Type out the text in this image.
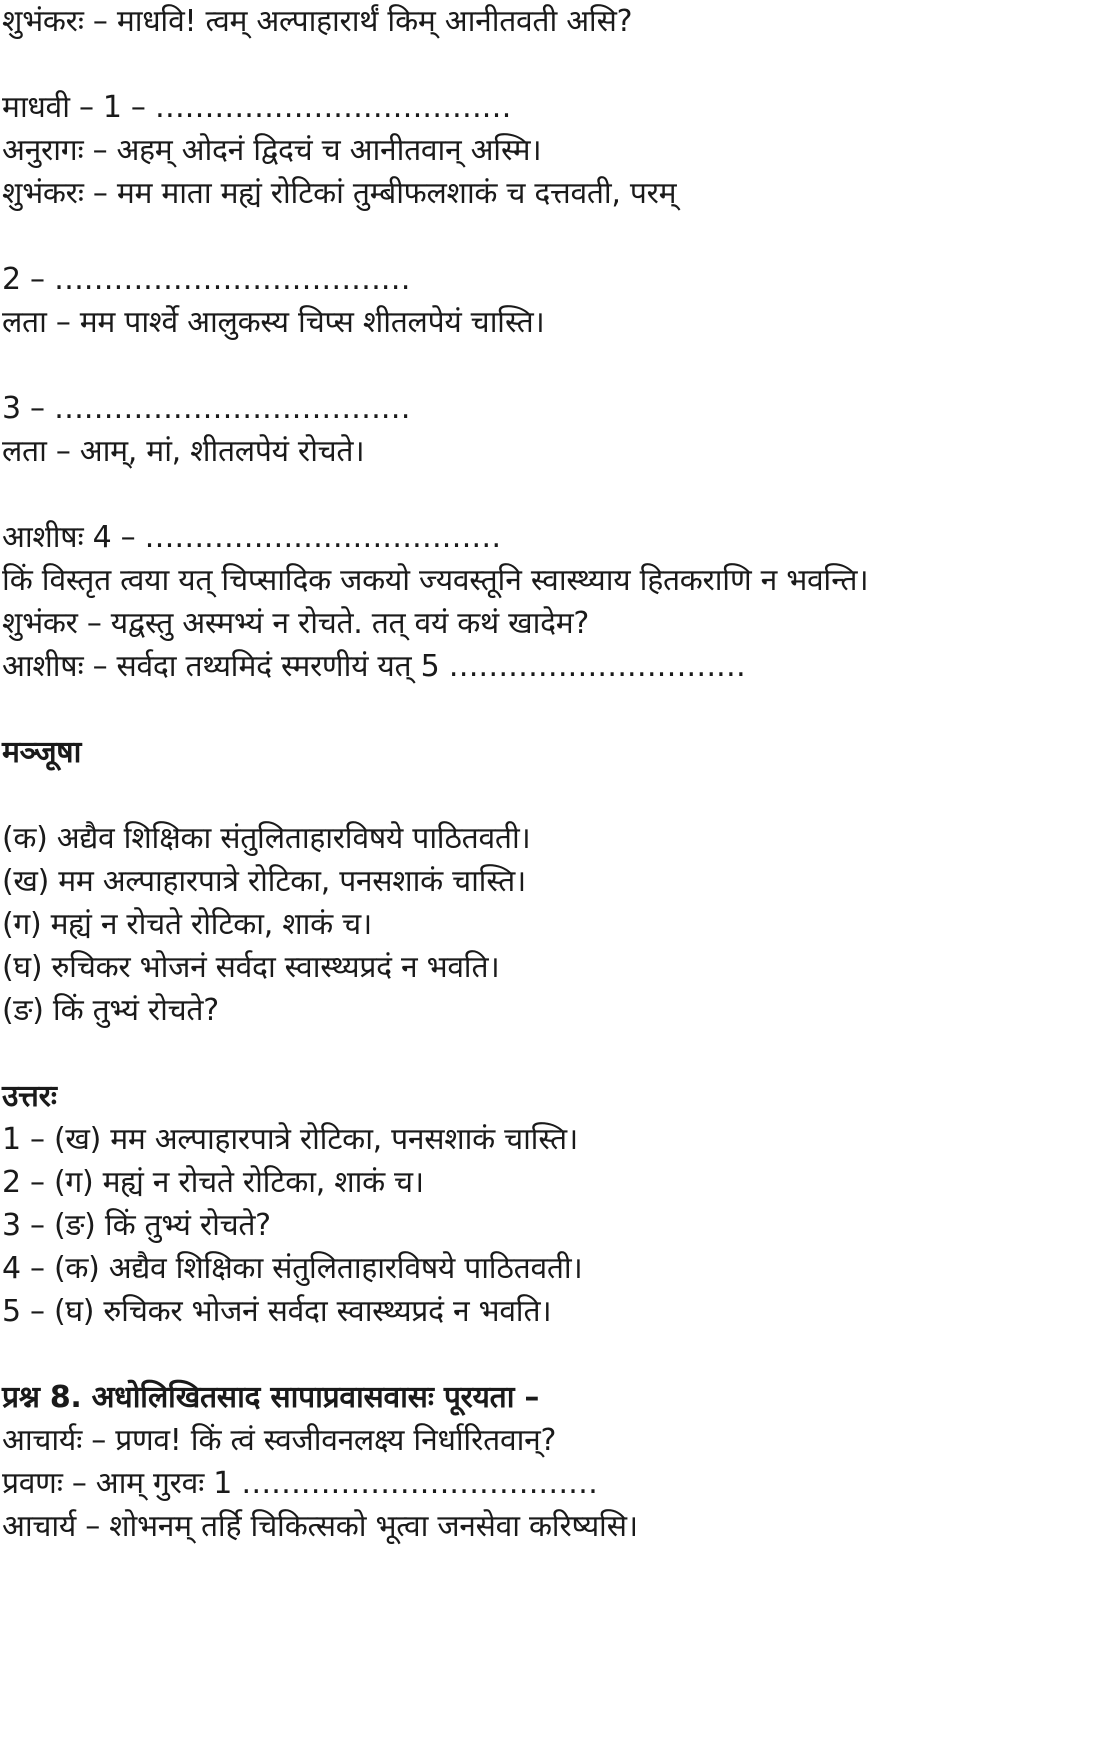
शुभंकरः – माधवि! त्वम् अल्पाहारार्थं किम् आनीतवती असि?
माधवी – 1 – ………………………………
अनुरागः – अहम् ओदनं द्विदचं च आनीतवान् अस्मि।
शुभंकरः – मम माता मह्यं रोटिकां तुम्बीफलशाकं च दत्तवती, परम्
2 – ………………………………
लता – मम पार्श्वे आलुकस्य चिप्स शीतलपेयं चास्ति।
3 – ………………………………
लता – आम्, मां, शीतलपेयं रोचते।
आशीषः 4 – ………………………………
किं विस्तृत त्वया यत् चिप्सादिक जकयो ज्यवस्तूनि स्वास्थ्याय हितकराणि न भवन्ति।
शुभंकर – यद्वस्तु अस्मभ्यं न रोचते. तत् वयं कथं खादेम?
आशीषः – सर्वदा तथ्यमिदं स्मरणीयं यत् 5 …………………………
मञ्जूषा
(क) अद्यैव शिक्षिका संतुलिताहारविषये पाठितवती।
(ख) मम अल्पाहारपात्रे रोटिका, पनसशाकं चास्ति।
(ग) मह्यं न रोचते रोटिका, शाकं च।
(घ) रुचिकर भोजनं सर्वदा स्वास्थ्यप्रदं न भवति।
(ङ) किं तुभ्यं रोचते?
उत्तरः
1 – (ख) मम अल्पाहारपात्रे रोटिका, पनसशाकं चास्ति।
2 – (ग) मह्यं न रोचते रोटिका, शाकं च।
3 – (ङ) किं तुभ्यं रोचते?
4 – (क) अद्यैव शिक्षिका संतुलिताहारविषये पाठितवती।
5 – (घ) रुचिकर भोजनं सर्वदा स्वास्थ्यप्रदं न भवति।
प्रश्न 8. अधोलिखितसाद सापाप्रवासवासः पूरयता –
आचार्यः – प्रणव! किं त्वं स्वजीवनलक्ष्य निर्धारितवान्?
प्रवणः – आम् गुरवः 1 ………………………………
आचार्य – शोभनम् तर्हि चिकित्सको भूत्वा जनसेवा करिष्यसि।
